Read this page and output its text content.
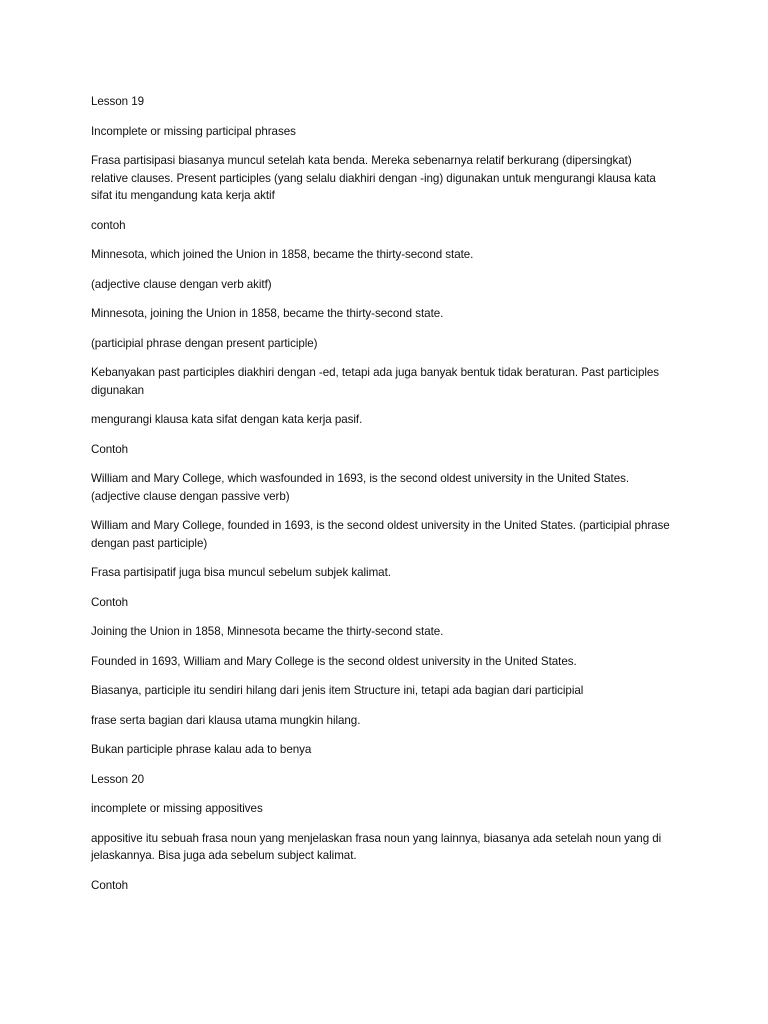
Lesson 19

Incomplete or missing participal phrases

Frasa partisipasi biasanya muncul setelah kata benda. Mereka sebenarnya relatif berkurang (dipersingkat) relative clauses. Present participles (yang selalu diakhiri dengan -ing) digunakan untuk mengurangi klausa kata sifat itu mengandung kata kerja aktif

contoh

Minnesota, which joined the Union in 1858, became the thirty-second state.

(adjective clause dengan verb akitf)

Minnesota, joining the Union in 1858, became the thirty-second state.

(participial phrase dengan present participle)

Kebanyakan past participles diakhiri dengan -ed, tetapi ada juga banyak bentuk tidak beraturan. Past participles digunakan

mengurangi klausa kata sifat dengan kata kerja pasif.

Contoh

William and Mary College, which wasfounded in 1693, is the second oldest university in the United States. (adjective clause dengan passive verb)

William and Mary College, founded in 1693, is the second oldest university in the United States. (participial phrase dengan past participle)

Frasa partisipatif juga bisa muncul sebelum subjek kalimat.

Contoh

Joining the Union in 1858, Minnesota became the thirty-second state.

Founded in 1693, William and Mary College is the second oldest university in the United States.

Biasanya, participle itu sendiri hilang dari jenis item Structure ini, tetapi ada bagian dari participial

frase serta bagian dari klausa utama mungkin hilang.

Bukan participle phrase kalau ada to benya

Lesson 20

incomplete or missing appositives

appositive itu sebuah frasa noun yang menjelaskan frasa noun yang lainnya, biasanya ada setelah noun yang di jelaskannya. Bisa juga ada sebelum subject kalimat.

Contoh
